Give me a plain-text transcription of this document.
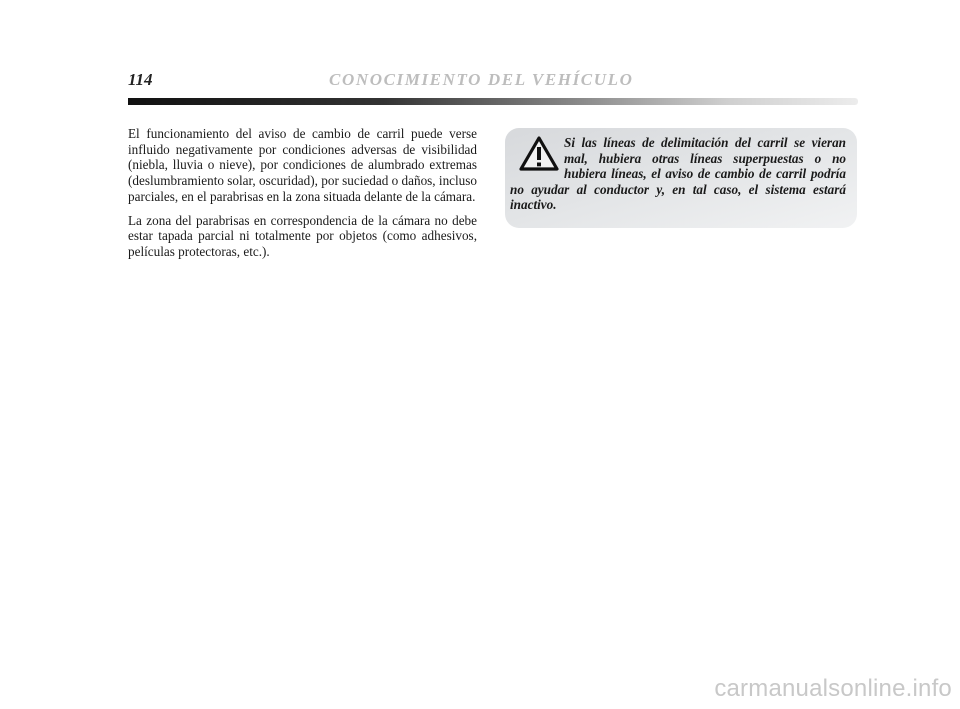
114	CONOCIMIENTO DEL VEHÍCULO

El funcionamiento del aviso de cambio de carril puede verse influido negativamente por condiciones adversas de visibilidad (niebla, lluvia o nieve), por condiciones de alumbrado extremas (deslumbramiento solar, oscuridad), por suciedad o daños, incluso parciales, en el parabrisas en la zona situada delante de la cámara.

La zona del parabrisas en correspondencia de la cámara no debe estar tapada parcial ni totalmente por objetos (como adhesivos, películas protectoras, etc.).

Si las líneas de delimitación del carril se vieran mal, hubiera otras líneas superpuestas o no hubiera líneas, el aviso de cambio de carril podría no ayudar al conductor y, en tal caso, el sistema estará inactivo.

carmanualsonline.info
